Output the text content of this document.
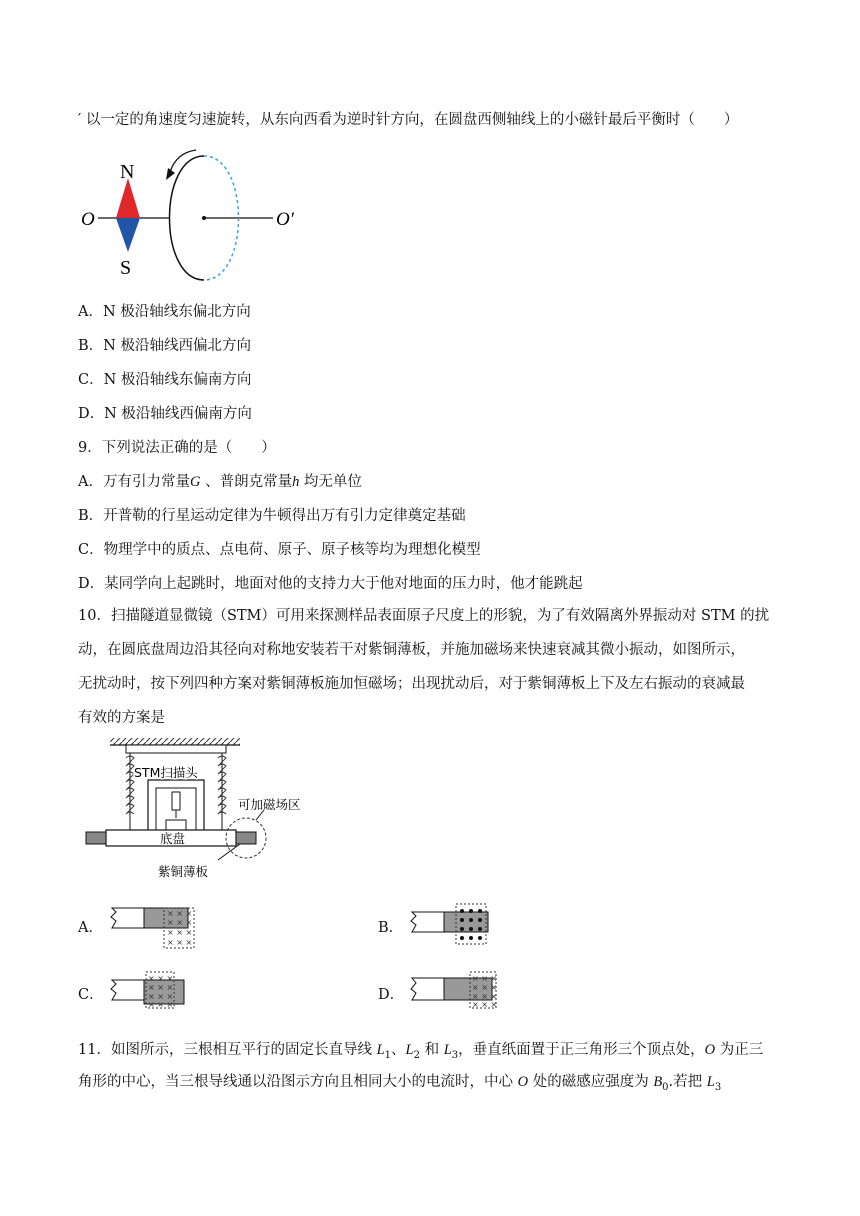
′ 以一定的角速度匀速旋转，从东向西看为逆时针方向，在圆盘西侧轴线上的小磁针最后平衡时（　　）
N
S
O	O′
A．N 极沿轴线东偏北方向
B．N 极沿轴线西偏北方向
C．N 极沿轴线东偏南方向
D．N 极沿轴线西偏南方向
9．下列说法正确的是（　　）
A．万有引力常量G 、普朗克常量h 均无单位
B．开普勒的行星运动定律为牛顿得出万有引力定律奠定基础
C．物理学中的质点、点电荷、原子、原子核等均为理想化模型
D．某同学向上起跳时，地面对他的支持力大于他对地面的压力时，他才能跳起
10．扫描隧道显微镜（STM）可用来探测样品表面原子尺度上的形貌，为了有效隔离外界振动对 STM 的扰
动，在圆底盘周边沿其径向对称地安装若干对紫铜薄板，并施加磁场来快速衰减其微小振动，如图所示，
无扰动时，按下列四种方案对紫铜薄板施加恒磁场；出现扰动后，对于紫铜薄板上下及左右振动的衰减最
有效的方案是
STM扫描头
可加磁场区
底盘
紫铜薄板
A．
× × ×
× × ×
× × ×
× × ×
B．
C．
× × ×
× × ×
× × ×
× × ×
D．
× × ×
× × ×
× × ×
× × ×
11．如图所示，三根相互平行的固定长直导线 $L_1$、$L_2$ 和 $L_3$，垂直纸面置于正三角形三个顶点处，O 为正三
角形的中心，当三根导线通以沿图示方向且相同大小的电流时，中心 O 处的磁感应强度为 $B_0$.若把 $L_3$
